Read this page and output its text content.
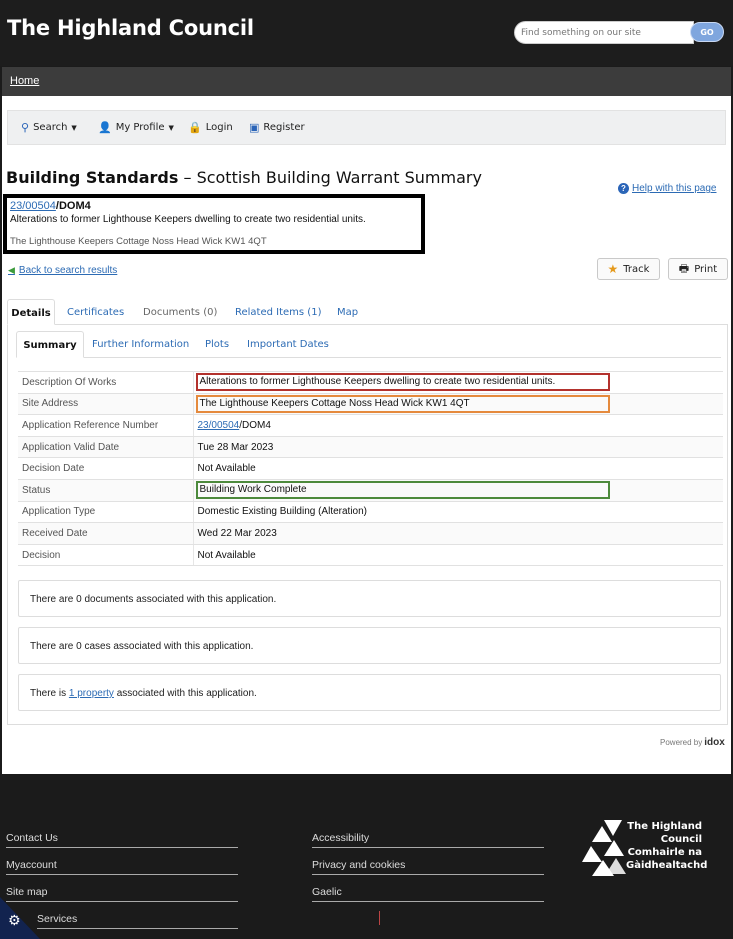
The Highland Council
Find something on our site	GO
Home
⚲ Search ▼ 👤 My Profile ▼ 🔒 Login ▣ Register
Building Standards – Scottish Building Warrant Summary
? Help with this page
23/00504/DOM4
Alterations to former Lighthouse Keepers dwelling to create two residential units.
The Lighthouse Keepers Cottage Noss Head Wick KW1 4QT
◀ Back to search results	★ Track	🖶 Print
Details	Certificates Documents (0) Related Items (1) Map
Summary	Further Information Plots Important Dates
Description Of Works	Alterations to former Lighthouse Keepers dwelling to create two residential units.
Site Address	The Lighthouse Keepers Cottage Noss Head Wick KW1 4QT
Application Reference Number	23/00504/DOM4
Application Valid Date	Tue 28 Mar 2023
Decision Date	Not Available
Status	Building Work Complete
Application Type	Domestic Existing Building (Alteration)
Received Date	Wed 22 Mar 2023
Decision	Not Available
There are 0 documents associated with this application.
There are 0 cases associated with this application.
There is 1 property associated with this application.
Powered by idox
Contact Us
Myaccount
Site map
Services
Accessibility
Privacy and cookies
Gaelic
The Highland
Council
Comhairle na
Gàidhealtachd
⚙
